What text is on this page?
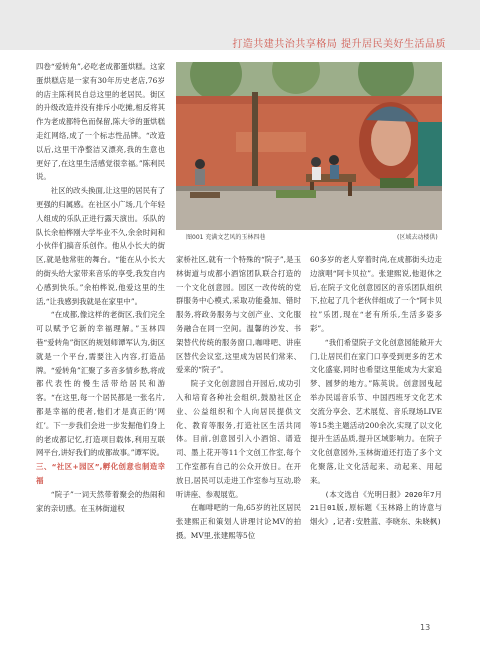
打造共建共治共享格局 提升居民美好生活品质

四卷“爱转角”,必吃老成都蛋烘糕。这家蛋烘糕店是一家有30年历史老店,76岁的店主陈利民自总这里的老居民。街区的升级改造并没有排斥小吃摊,相反将其作为老成都特色而保留,陈大爷的蛋烘糕走红网络,成了一个标志性品牌。“改造以后,这里干净整洁又漂亮,我的生意也更好了,在这里生活感觉很幸福。”陈利民说。

社区的改头换面,让这里的居民有了更强的归属感。在社区小广场,几个年轻人组成的乐队正进行露天演出。乐队的队长余柏桦刚大学毕业不久,余余时间和小伙伴们搞音乐创作。他从小长大的街区,就是他常驻的舞台。“能在从小长大的街头给大家带来音乐的享受,我发自内心感到快乐。”余柏桦说,他爱这里的生活,“让我感到我就是在家里中”。

“在成都,像这样的老街区,我们完全可以赋予它新的幸福理解。”玉林四巷“爱转角”街区的规划师谭军认为,街区就是一个平台,需要注入内容,打造品牌。“爱转角”汇聚了多音多情乡愁,将成都代表性的慢生活带给居民和游客。“在这里,每一个居民都是一张名片,都是幸福的使者,他们才是真正的‘网红’。下一步我们会进一步发掘他们身上的老成都记忆,打造项目载体,利用互联网平台,讲好我们的成都故事。”谭军说。

三、“社区+园区”,孵化创意也制造幸福

“院子”一词天然带着聚会的热闹和家的亲切感。在玉林街道权

图001 充满文艺风的玉林四巷	(区域去动楼供)

家桥社区,就有一个特殊的“院子”,是玉林街道与成都小酒馆团队联合打造的一个文化创意园。园区一改传统的党群服务中心模式,采取功能叠加、错时服务,将政务服务与文创产业、文化服务融合在同一空间。温馨的沙发、书架替代传统的服务窗口,咖啡吧、讲座区替代会议室,这里成为居民们常来、爱来的“院子”。

院子文化创意园自开园后,成功引入和培育各种社会组织,鼓励社区企业、公益组织和个人向居民提供文化、教育等服务,打造社区生活共同体。目前,创意园引入小酒馆、谱造司、墨上花开等11个文创工作室,每个工作室都有自己的公众开放日。在开放日,居民可以走进工作室参与互动,聆听讲座、参观展览。

在咖啡吧的一角,65岁的社区居民张建熙正和策划人讲理讨论MV的拍摄。MV里,张建熙等5位

60多岁的老人穿着时尚,在成都街头边走边演唱“阿卡贝拉”。张建熙说,他退休之后,在院子文化创意园区的音乐团队组织下,拉起了几个老伙伴组成了一个“阿卡贝拉”乐团,现在“老有所乐,生活多姿多彩”。

“我们希望院子文化创意园能敞开大门,让居民们在家门口享受到更多的艺术文化盛宴,同时也希望这里能成为大家追梦、圆梦的地方。”陈英说。创意园曳起举办民谣音乐节、中国西班牙文化艺术交流分享会、艺术展览、音乐现场LIVE等15类主题活动200余次,实现了以文化提升生活品质,提升区域影响力。在院子文化创意园外,玉林街道还打造了多个文化聚落,让文化活起来、动起来、用起来。

(本文选自《光明日报》2020年7月21日01版,原标题《玉林路上的诗意与烟火》,记者:安胜蓝、李晓东、朱晓枫)

13
